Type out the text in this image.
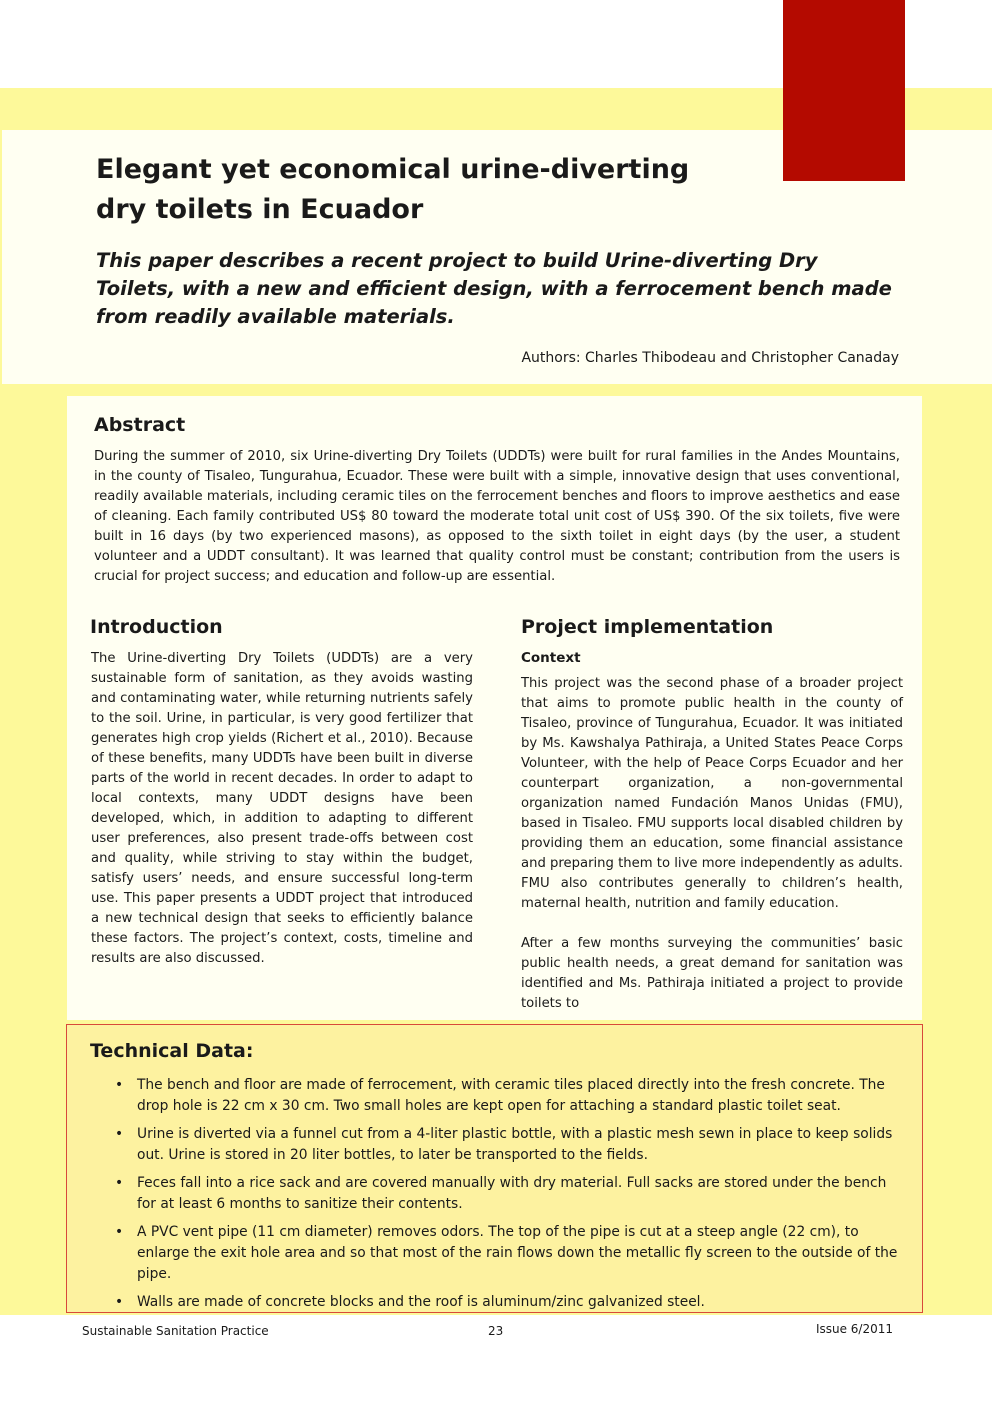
Elegant yet economical urine-diverting dry toilets in Ecuador

This paper describes a recent project to build Urine-diverting Dry Toilets, with a new and efficient design, with a ferrocement bench made from readily available materials.

Authors: Charles Thibodeau and Christopher Canaday

Abstract

During the summer of 2010, six Urine-diverting Dry Toilets (UDDTs) were built for rural families in the Andes Mountains, in the county of Tisaleo, Tungurahua, Ecuador. These were built with a simple, innovative design that uses conventional, readily available materials, including ceramic tiles on the ferrocement benches and floors to improve aesthetics and ease of cleaning. Each family contributed US$ 80 toward the moderate total unit cost of US$ 390. Of the six toilets, five were built in 16 days (by two experienced masons), as opposed to the sixth toilet in eight days (by the user, a student volunteer and a UDDT consultant). It was learned that quality control must be constant; contribution from the users is crucial for project success; and education and follow-up are essential.

Introduction

The Urine-diverting Dry Toilets (UDDTs) are a very sustainable form of sanitation, as they avoids wasting and contaminating water, while returning nutrients safely to the soil. Urine, in particular, is very good fertilizer that generates high crop yields (Richert et al., 2010). Because of these benefits, many UDDTs have been built in diverse parts of the world in recent decades. In order to adapt to local contexts, many UDDT designs have been developed, which, in addition to adapting to different user preferences, also present trade-offs between cost and quality, while striving to stay within the budget, satisfy users’ needs, and ensure successful long-term use. This paper presents a UDDT project that introduced a new technical design that seeks to efficiently balance these factors. The project’s context, costs, timeline and results are also discussed.

Project implementation
Context

This project was the second phase of a broader project that aims to promote public health in the county of Tisaleo, province of Tungurahua, Ecuador. It was initiated by Ms. Kawshalya Pathiraja, a United States Peace Corps Volunteer, with the help of Peace Corps Ecuador and her counterpart organization, a non-governmental organization named Fundación Manos Unidas (FMU), based in Tisaleo. FMU supports local disabled children by providing them an education, some financial assistance and preparing them to live more independently as adults. FMU also contributes generally to children’s health, maternal health, nutrition and family education.

After a few months surveying the communities’ basic public health needs, a great demand for sanitation was identified and Ms. Pathiraja initiated a project to provide toilets to

Technical Data:
• The bench and floor are made of ferrocement, with ceramic tiles placed directly into the fresh concrete. The drop hole is 22 cm x 30 cm. Two small holes are kept open for attaching a standard plastic toilet seat.
• Urine is diverted via a funnel cut from a 4-liter plastic bottle, with a plastic mesh sewn in place to keep solids out. Urine is stored in 20 liter bottles, to later be transported to the fields.
• Feces fall into a rice sack and are covered manually with dry material. Full sacks are stored under the bench for at least 6 months to sanitize their contents.
• A PVC vent pipe (11 cm diameter) removes odors. The top of the pipe is cut at a steep angle (22 cm), to enlarge the exit hole area and so that most of the rain flows down the metallic fly screen to the outside of the pipe.
• Walls are made of concrete blocks and the roof is aluminum/zinc galvanized steel.

Sustainable Sanitation Practice	23	Issue 6/2011
